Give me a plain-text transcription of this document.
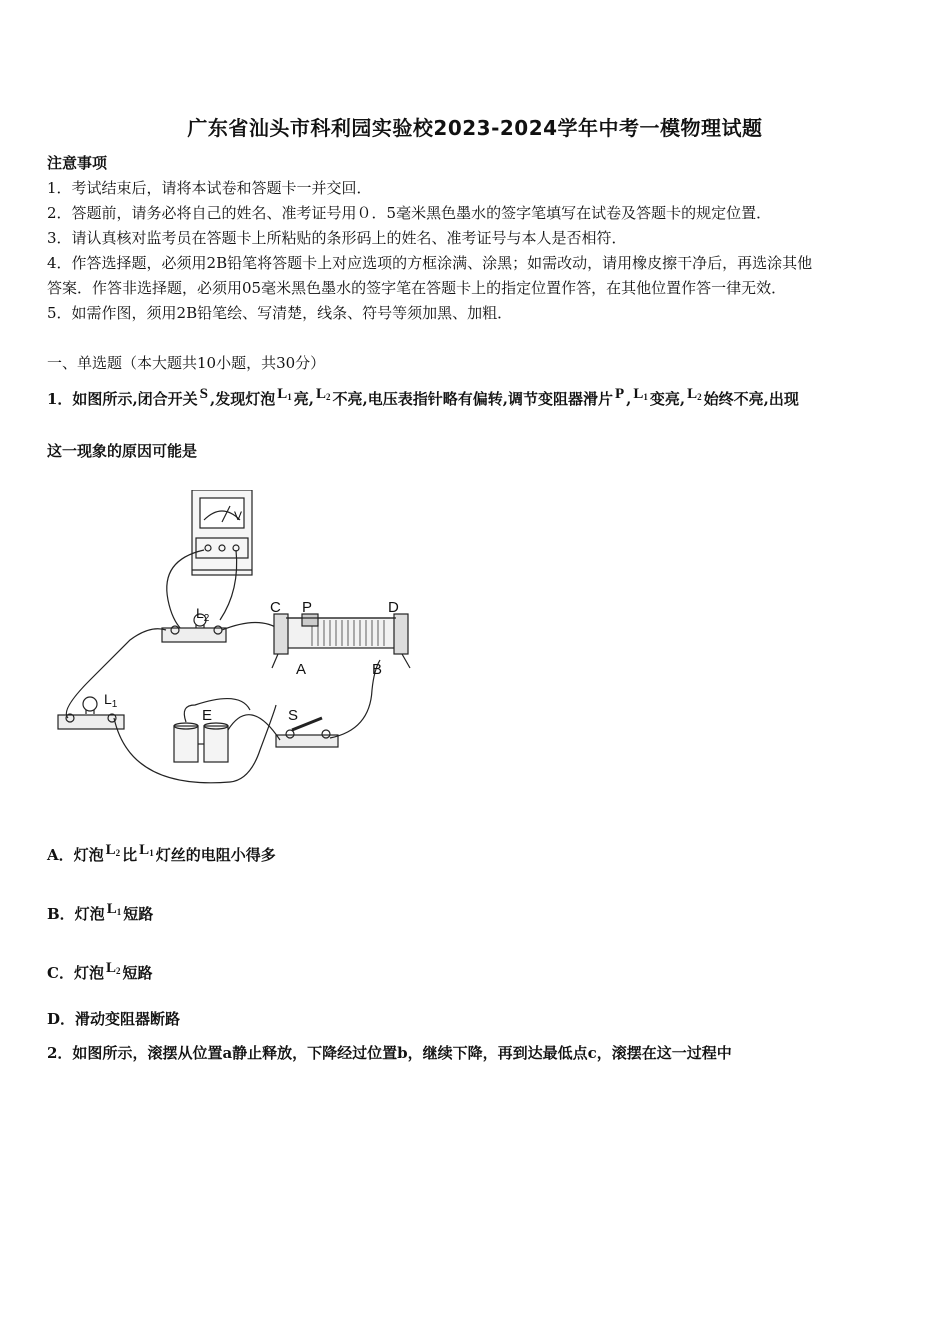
广东省汕头市科利园实验校2023-2024学年中考一模物理试题
注意事项
1．考试结束后，请将本试卷和答题卡一并交回．
2．答题前，请务必将自己的姓名、准考证号用０．5毫米黑色墨水的签字笔填写在试卷及答题卡的规定位置．
3．请认真核对监考员在答题卡上所粘贴的条形码上的姓名、准考证号与本人是否相符．
4．作答选择题，必须用2B铅笔将答题卡上对应选项的方框涂满、涂黑；如需改动，请用橡皮擦干净后，再选涂其他
答案．作答非选择题，必须用05毫米黑色墨水的签字笔在答题卡上的指定位置作答，在其他位置作答一律无效．
5．如需作图，须用2B铅笔绘、写清楚，线条、符号等须加黑、加粗．
一、单选题（本大题共10小题，共30分）
1．如图所示,闭合开关 S ,发现灯泡 $L_1$ 亮, $L_2$ 不亮,电压表指针略有偏转,调节变阻器滑片 P , $L_1$ 变亮, $L_2$ 始终不亮,出现
这一现象的原因可能是
V
$L_2$
C P	D
A	B
$L_1$
E	S
A．灯泡 $L_2$ 比 $L_1$ 灯丝的电阻小得多
B．灯泡 $L_1$ 短路
C．灯泡 $L_2$ 短路
D．滑动变阻器断路
2．如图所示，滚摆从位置a静止释放，下降经过位置b，继续下降，再到达最低点c，滚摆在这一过程中
